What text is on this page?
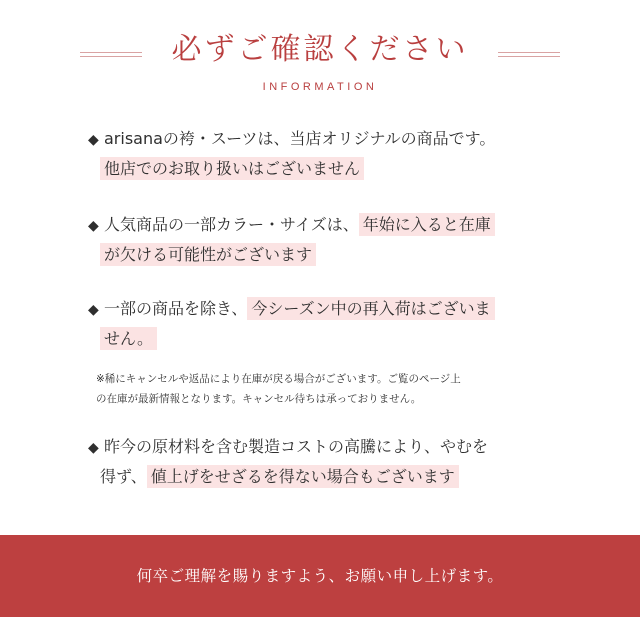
必ずご確認ください
INFORMATION
◆ arisanaの袴・スーツは、当店オリジナルの商品です。
他店でのお取り扱いはございません
◆ 人気商品の一部カラー・サイズは、 年始に入ると在庫
が欠ける可能性がございます
◆ 一部の商品を除き、 今シーズン中の再入荷はございま
せん。
※稀にキャンセルや返品により在庫が戻る場合がございます。ご覧のページ上
の在庫が最新情報となります。キャンセル待ちは承っておりません。
◆ 昨今の原材料を含む製造コストの高騰により、やむを
得ず、 値上げをせざるを得ない場合もございます
何卒ご理解を賜りますよう、お願い申し上げます。
